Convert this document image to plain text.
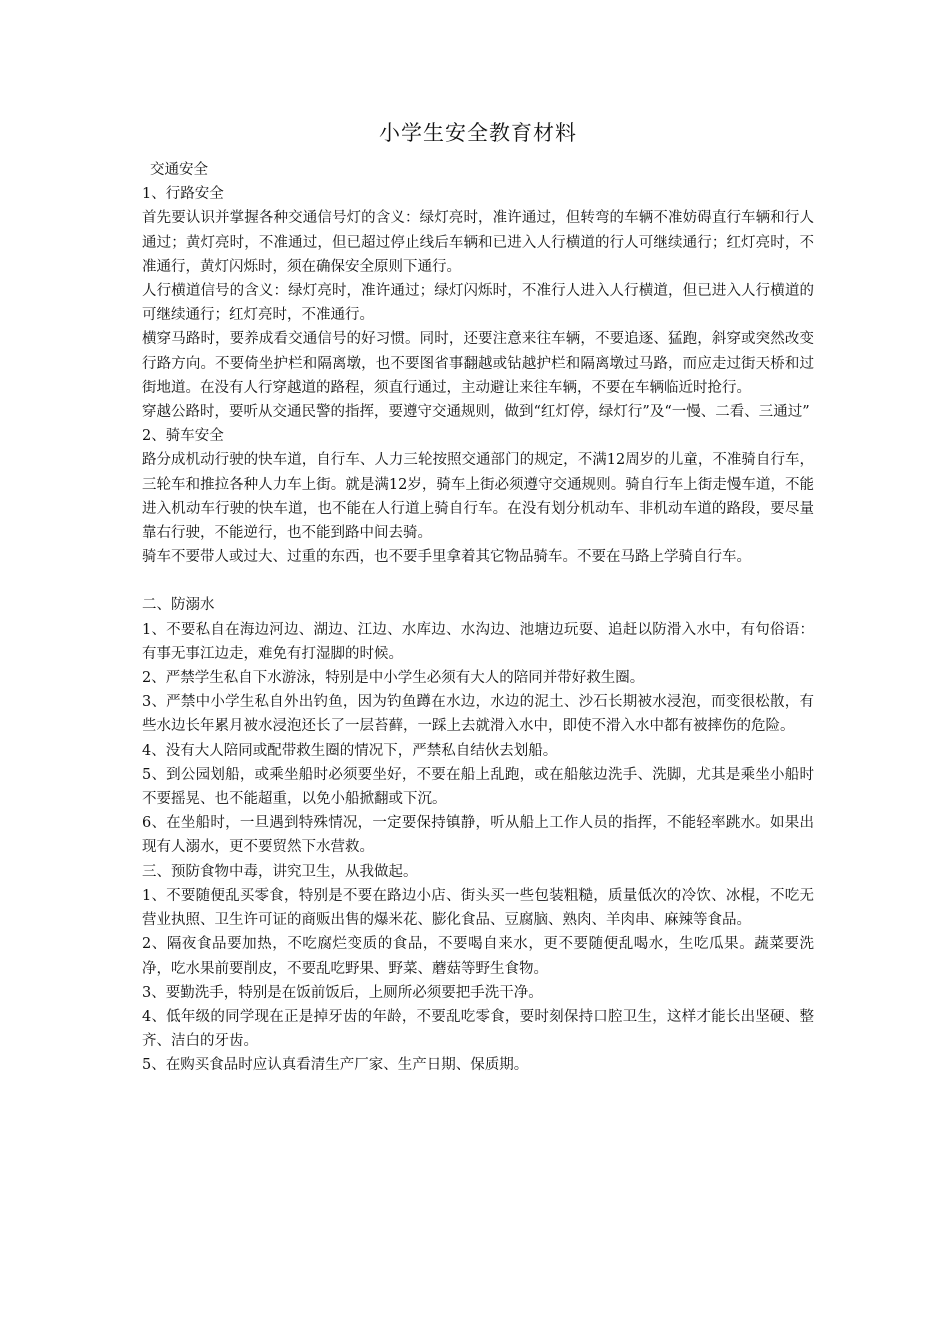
小学生安全教育材料

交通安全

1、行路安全

首先要认识并掌握各种交通信号灯的含义：绿灯亮时，准许通过，但转弯的车辆不准妨碍直行车辆和行人通过；黄灯亮时，不准通过，但已超过停止线后车辆和已进入人行横道的行人可继续通行；红灯亮时，不准通行，黄灯闪烁时，须在确保安全原则下通行。

人行横道信号的含义：绿灯亮时，准许通过；绿灯闪烁时，不准行人进入人行横道，但已进入人行横道的可继续通行；红灯亮时，不准通行。

横穿马路时，要养成看交通信号的好习惯。同时，还要注意来往车辆，不要追逐、猛跑，斜穿或突然改变行路方向。不要倚坐护栏和隔离墩，也不要图省事翻越或钻越护栏和隔离墩过马路，而应走过街天桥和过街地道。在没有人行穿越道的路程，须直行通过，主动避让来往车辆，不要在车辆临近时抢行。

穿越公路时，要听从交通民警的指挥，要遵守交通规则，做到“红灯停，绿灯行”及“一慢、二看、三通过”

2、骑车安全

路分成机动行驶的快车道，自行车、人力三轮按照交通部门的规定，不满12周岁的儿童，不准骑自行车，三轮车和推拉各种人力车上街。就是满12岁，骑车上街必须遵守交通规则。骑自行车上街走慢车道，不能进入机动车行驶的快车道，也不能在人行道上骑自行车。在没有划分机动车、非机动车道的路段，要尽量靠右行驶，不能逆行，也不能到路中间去骑。

骑车不要带人或过大、过重的东西，也不要手里拿着其它物品骑车。不要在马路上学骑自行车。

二、防溺水

1、不要私自在海边河边、湖边、江边、水库边、水沟边、池塘边玩耍、追赶以防滑入水中，有句俗语：有事无事江边走，难免有打湿脚的时候。

2、严禁学生私自下水游泳，特别是中小学生必须有大人的陪同并带好救生圈。

3、严禁中小学生私自外出钓鱼，因为钓鱼蹲在水边，水边的泥土、沙石长期被水浸泡，而变很松散，有些水边长年累月被水浸泡还长了一层苔藓，一踩上去就滑入水中，即使不滑入水中都有被摔伤的危险。

4、没有大人陪同或配带救生圈的情况下，严禁私自结伙去划船。

5、到公园划船，或乘坐船时必须要坐好，不要在船上乱跑，或在船舷边洗手、洗脚，尤其是乘坐小船时不要摇晃、也不能超重，以免小船掀翻或下沉。

6、在坐船时，一旦遇到特殊情况，一定要保持镇静，听从船上工作人员的指挥，不能轻率跳水。如果出现有人溺水，更不要贸然下水营救。

三、预防食物中毒，讲究卫生，从我做起。

1、不要随便乱买零食，特别是不要在路边小店、街头买一些包装粗糙，质量低次的冷饮、冰棍，不吃无营业执照、卫生许可证的商贩出售的爆米花、膨化食品、豆腐脑、熟肉、羊肉串、麻辣等食品。

2、隔夜食品要加热，不吃腐烂变质的食品，不要喝自来水，更不要随便乱喝水，生吃瓜果。蔬菜要洗净，吃水果前要削皮，不要乱吃野果、野菜、蘑菇等野生食物。

3、要勤洗手，特别是在饭前饭后，上厕所必须要把手洗干净。

4、低年级的同学现在正是掉牙齿的年龄，不要乱吃零食，要时刻保持口腔卫生，这样才能长出坚硬、整齐、洁白的牙齿。

5、在购买食品时应认真看清生产厂家、生产日期、保质期。
